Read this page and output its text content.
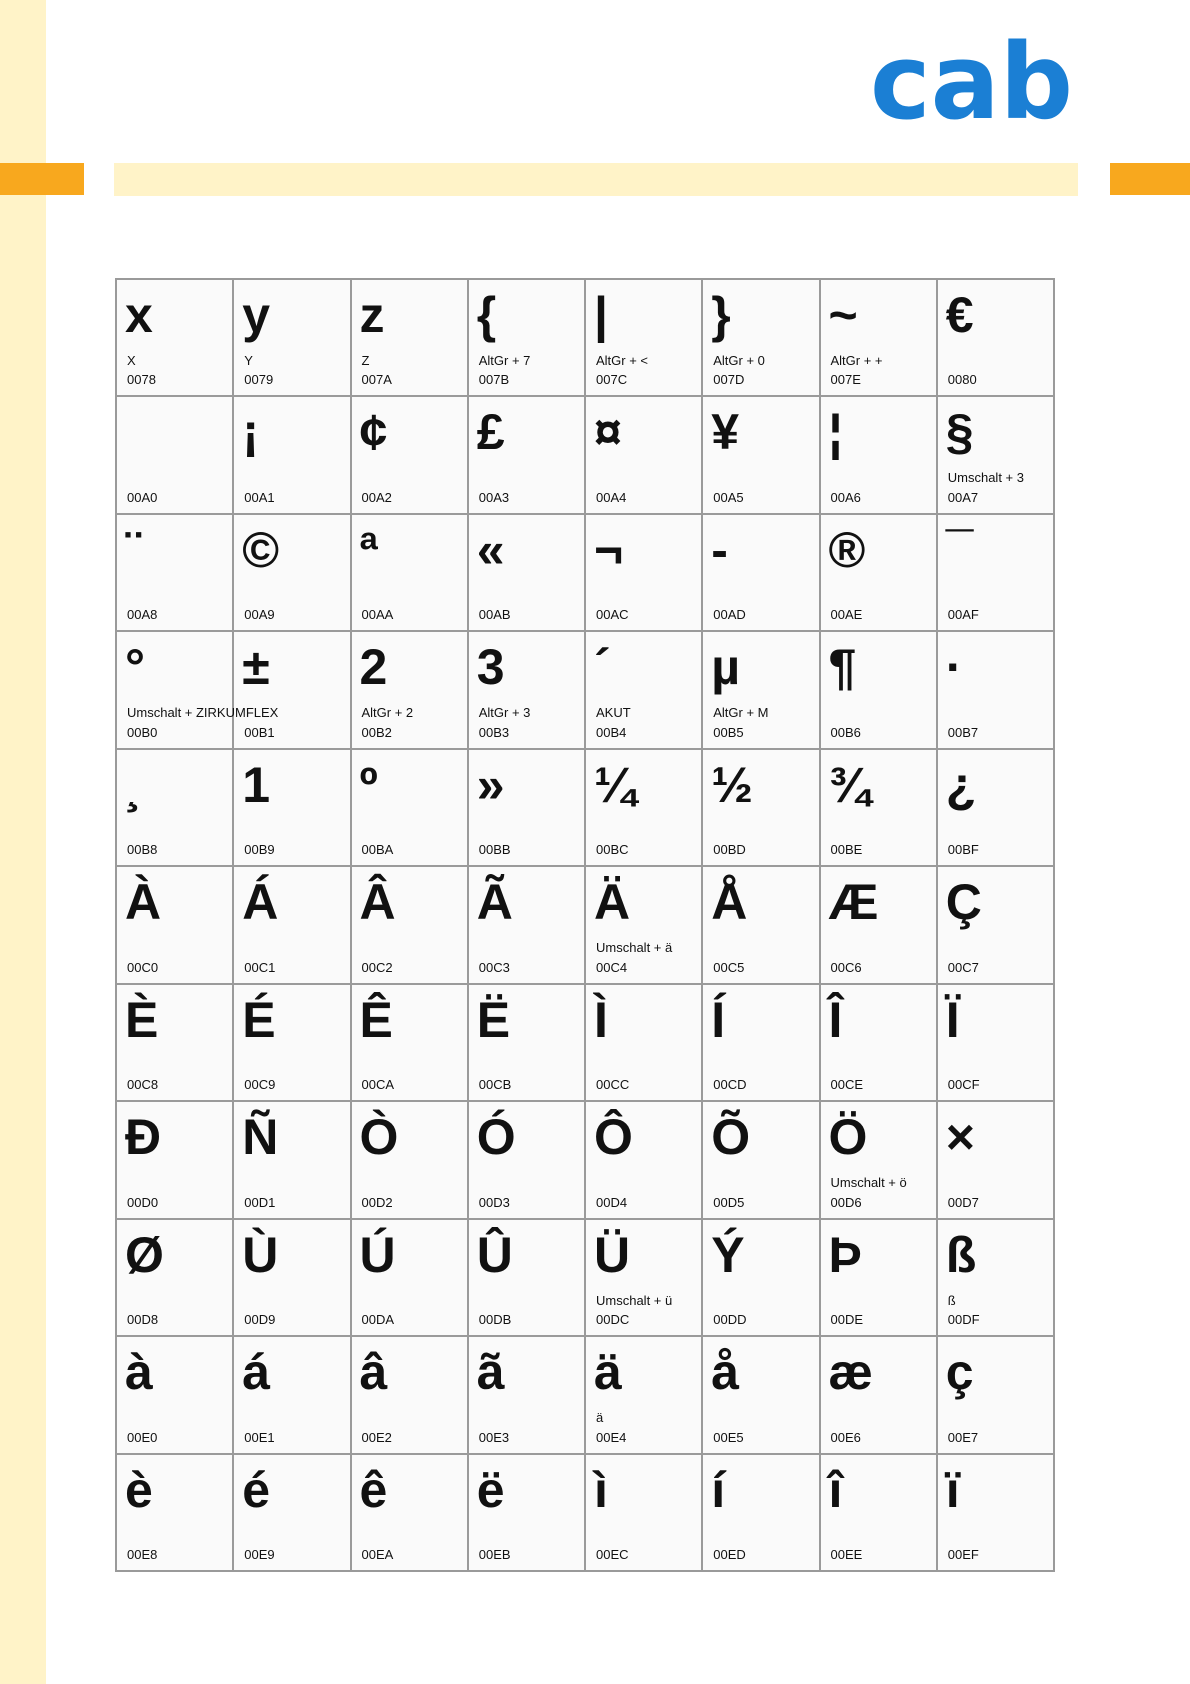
cab
x
X
0078
y
Y
0079
z
Z
007A
{
AltGr + 7
007B
|
AltGr + <
007C
}
AltGr + 0
007D
~
AltGr + +
007E
€
0080
00A0
¡
00A1
¢
00A2
£
00A3
¤
00A4
¥
00A5
¦
00A6
§
Umschalt + 3
00A7
¨
00A8
©
00A9
ª
00AA
«
00AB
¬
00AC
-
00AD
®
00AE
¯
00AF
°
Umschalt + ZIRKUMFLEX
00B0
±
00B1
2
AltGr + 2
00B2
3
AltGr + 3
00B3
´
AKUT
00B4
µ
AltGr + M
00B5
¶
00B6
·
00B7
¸
00B8
1
00B9
º
00BA
»
00BB
¼
00BC
½
00BD
¾
00BE
¿
00BF
À
00C0
Á
00C1
Â
00C2
Ã
00C3
Ä
Umschalt + ä
00C4
Å
00C5
Æ
00C6
Ç
00C7
È
00C8
É
00C9
Ê
00CA
Ë
00CB
Ì
00CC
Í
00CD
Î
00CE
Ï
00CF
Đ
00D0
Ñ
00D1
Ò
00D2
Ó
00D3
Ô
00D4
Õ
00D5
Ö
Umschalt + ö
00D6
×
00D7
Ø
00D8
Ù
00D9
Ú
00DA
Û
00DB
Ü
Umschalt + ü
00DC
Ý
00DD
Þ
00DE
ß
ß
00DF
à
00E0
á
00E1
â
00E2
ã
00E3
ä
ä
00E4
å
00E5
æ
00E6
ç
00E7
è
00E8
é
00E9
ê
00EA
ë
00EB
ì
00EC
í
00ED
î
00EE
ï
00EF
